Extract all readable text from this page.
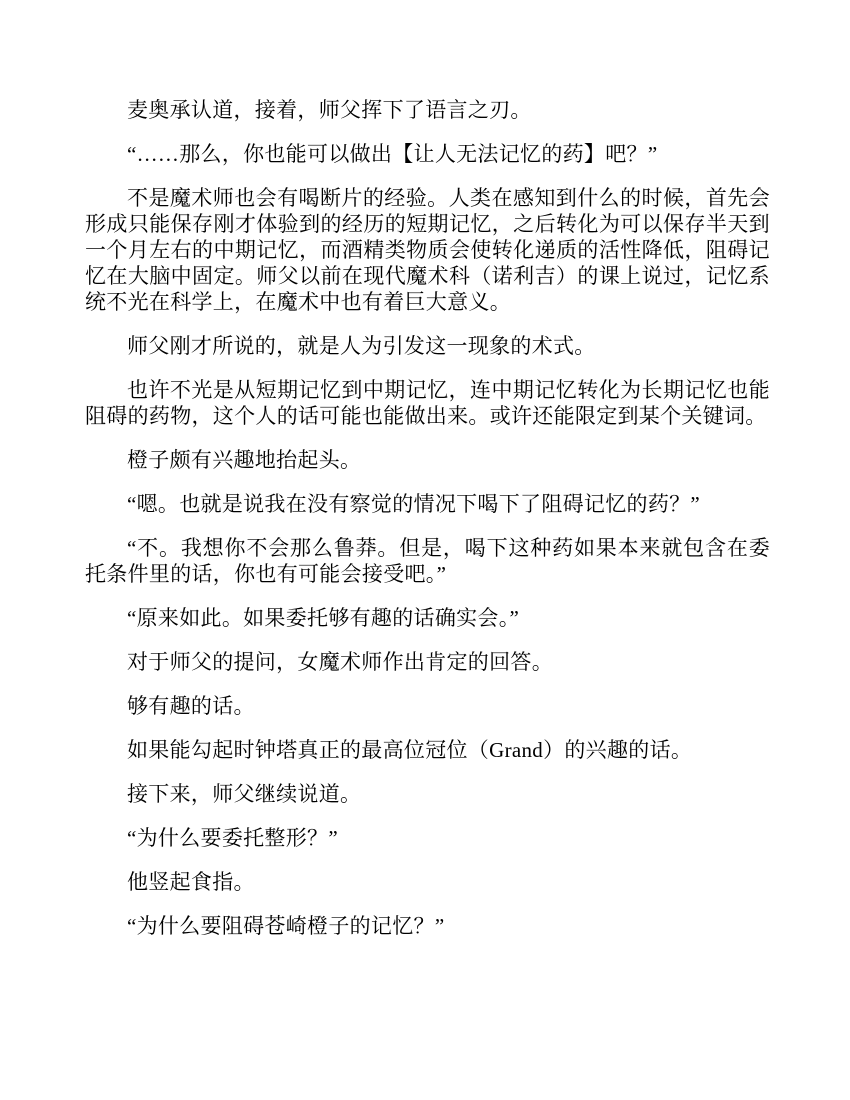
麦奥承认道，接着，师父挥下了语言之刃。

“……那么，你也能可以做出【让人无法记忆的药】吧？”

不是魔术师也会有喝断片的经验。人类在感知到什么的时候，首先会形成只能保存刚才体验到的经历的短期记忆，之后转化为可以保存半天到一个月左右的中期记忆，而酒精类物质会使转化递质的活性降低，阻碍记忆在大脑中固定。师父以前在现代魔术科（诺利吉）的课上说过，记忆系统不光在科学上，在魔术中也有着巨大意义。

师父刚才所说的，就是人为引发这一现象的术式。

也许不光是从短期记忆到中期记忆，连中期记忆转化为长期记忆也能阻碍的药物，这个人的话可能也能做出来。或许还能限定到某个关键词。

橙子颇有兴趣地抬起头。

“嗯。也就是说我在没有察觉的情况下喝下了阻碍记忆的药？”

“不。我想你不会那么鲁莽。但是，喝下这种药如果本来就包含在委托条件里的话，你也有可能会接受吧。”

“原来如此。如果委托够有趣的话确实会。”

对于师父的提问，女魔术师作出肯定的回答。

够有趣的话。

如果能勾起时钟塔真正的最高位冠位（Grand）的兴趣的话。

接下来，师父继续说道。

“为什么要委托整形？”

他竖起食指。

“为什么要阻碍苍崎橙子的记忆？”
